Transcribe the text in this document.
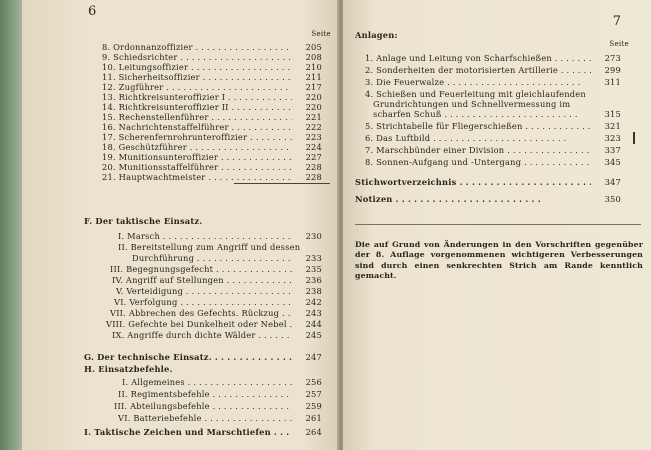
6
Seite
8. Ordonnanzoffizier . .	205
9. Schiedsrichter . .	208
10. Leitungsoffizier . .	210
11. Sicherheitsoffizier . .	211
12. Zugführer . .	217
13. Richtkreisunteroffizier I . .	220
14. Richtkreisunteroffizier II . .	220
15. Rechenstellenführer . .	221
16. Nachrichtenstaffelführer . .	222
17. Scherenfernrohrunteroffizier . .	223
18. Geschützführer . .	224
19. Munitionsunteroffizier . .	227
20. Munitionsstaffelführer . .	228
21. Hauptwachtmeister . .	228
F. Der taktische Einsatz.
I. Marsch . .	230
II. Bereitstellung zum Angriff und dessen
Durchführung . .	233
III. Begegnungsgefecht . .	235
IV. Angriff auf Stellungen . .	236
V. Verteidigung . .	238
VI. Verfolgung . .	242
VII. Abbrechen des Gefechts. Rückzug . .	243
VIII. Gefechte bei Dunkelheit oder Nebel . .	244
IX. Angriffe durch dichte Wälder . .	245
G. Der technische Einsatz. . .	247
H. Einsatzbefehle.
I. Allgemeines . .	256
II. Regimentsbefehle . .	257
III. Abteilungsbefehle . .	259
VI. Batteriebefehle . .	261
I. Taktische Zeichen und Marschtiefen . .	264
7
Anlagen:
Seite
1. Anlage und Leitung von Scharfschießen . .	273
2. Sonderheiten der motorisierten Artillerie . .	299
3. Die Feuerwalze . .	311
4. Schießen und Feuerleitung mit gleichlaufenden
Grundrichtungen und Schnellvermessung im
scharfen Schuß . .	315
5. Strichtabelle für Fliegerschießen . .	321
6. Das Luftbild . .	323
7. Marschbünder einer Division . .	337
8. Sonnen-Aufgang und -Untergang . .	345
Stichwortverzeichnis . .	347
Notizen . .	350
Die auf Grund von Änderungen in den Vorschriften gegenüber der 8. Auflage vorgenommenen wichtigeren Verbesserungen sind durch einen senkrechten Strich am Rande kenntlich gemacht.
